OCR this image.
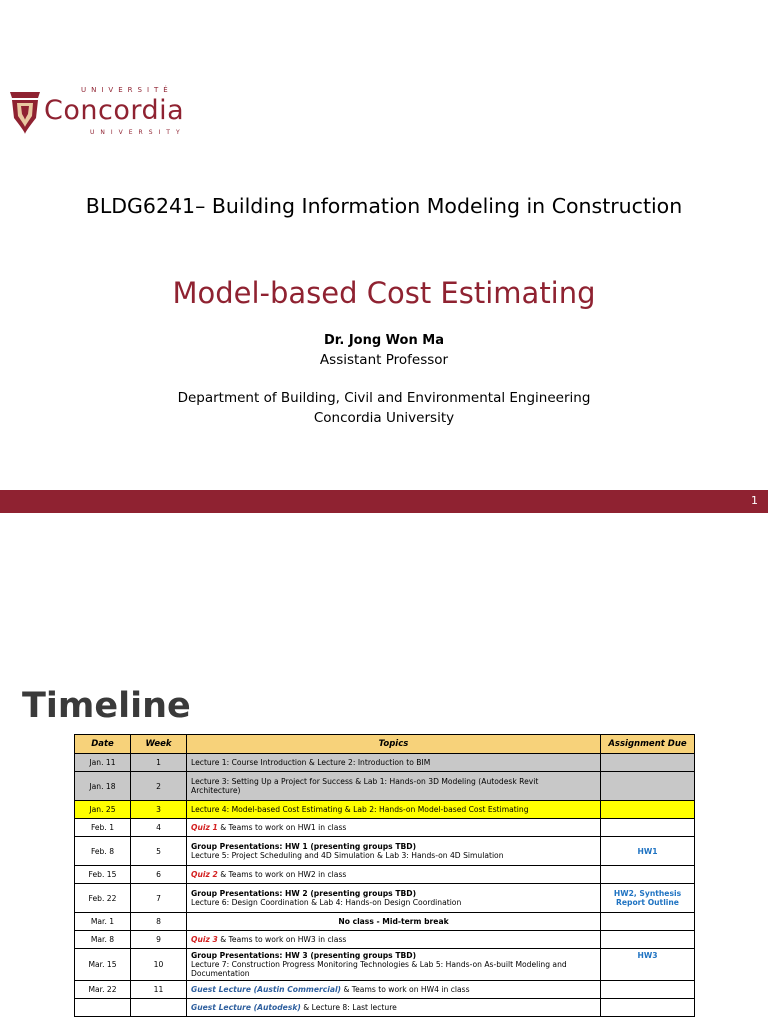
UNIVERSITÉ
Concordia
UNIVERSITY
BLDG6241– Building Information Modeling in Construction
Model-based Cost Estimating
Dr. Jong Won Ma
Assistant Professor
Department of Building, Civil and Environmental Engineering
Concordia University
1
Timeline
Date	Week	Topics	Assignment Due
Jan. 11	1	Lecture 1: Course Introduction & Lecture 2: Introduction to BIM	
Jan. 18	2	Lecture 3: Setting Up a Project for Success & Lab 1: Hands-on 3D Modeling (Autodesk Revit
Architecture)	

Jan. 25	3	Lecture 4: Model-based Cost Estimating & Lab 2: Hands-on Model-based Cost Estimating	
Feb. 1	4	Quiz 1 & Teams to work on HW1 in class	
Feb. 8	5	Group Presentations: HW 1 (presenting groups TBD)
Lecture 5: Project Scheduling and 4D Simulation & Lab 3: Hands-on 4D Simulation	HW1
Feb. 15	6	Quiz 2 & Teams to work on HW2 in class	
Feb. 22	7	Group Presentations: HW 2 (presenting groups TBD)
Lecture 6: Design Coordination & Lab 4: Hands-on Design Coordination	HW2, Synthesis
Report Outline

Mar. 1	8	No class - Mid-term break	
Mar. 8	9	Quiz 3 & Teams to work on HW3 in class	
Mar. 15	10	Group Presentations: HW 3 (presenting groups TBD)
Lecture 7: Construction Progress Monitoring Technologies & Lab 5: Hands-on As-built Modeling and
Documentation	HW3
Mar. 22	11	Guest Lecture (Austin Commercial) & Teams to work on HW4 in class	
		Guest Lecture (Autodesk) & Lecture 8: Last lecture	
